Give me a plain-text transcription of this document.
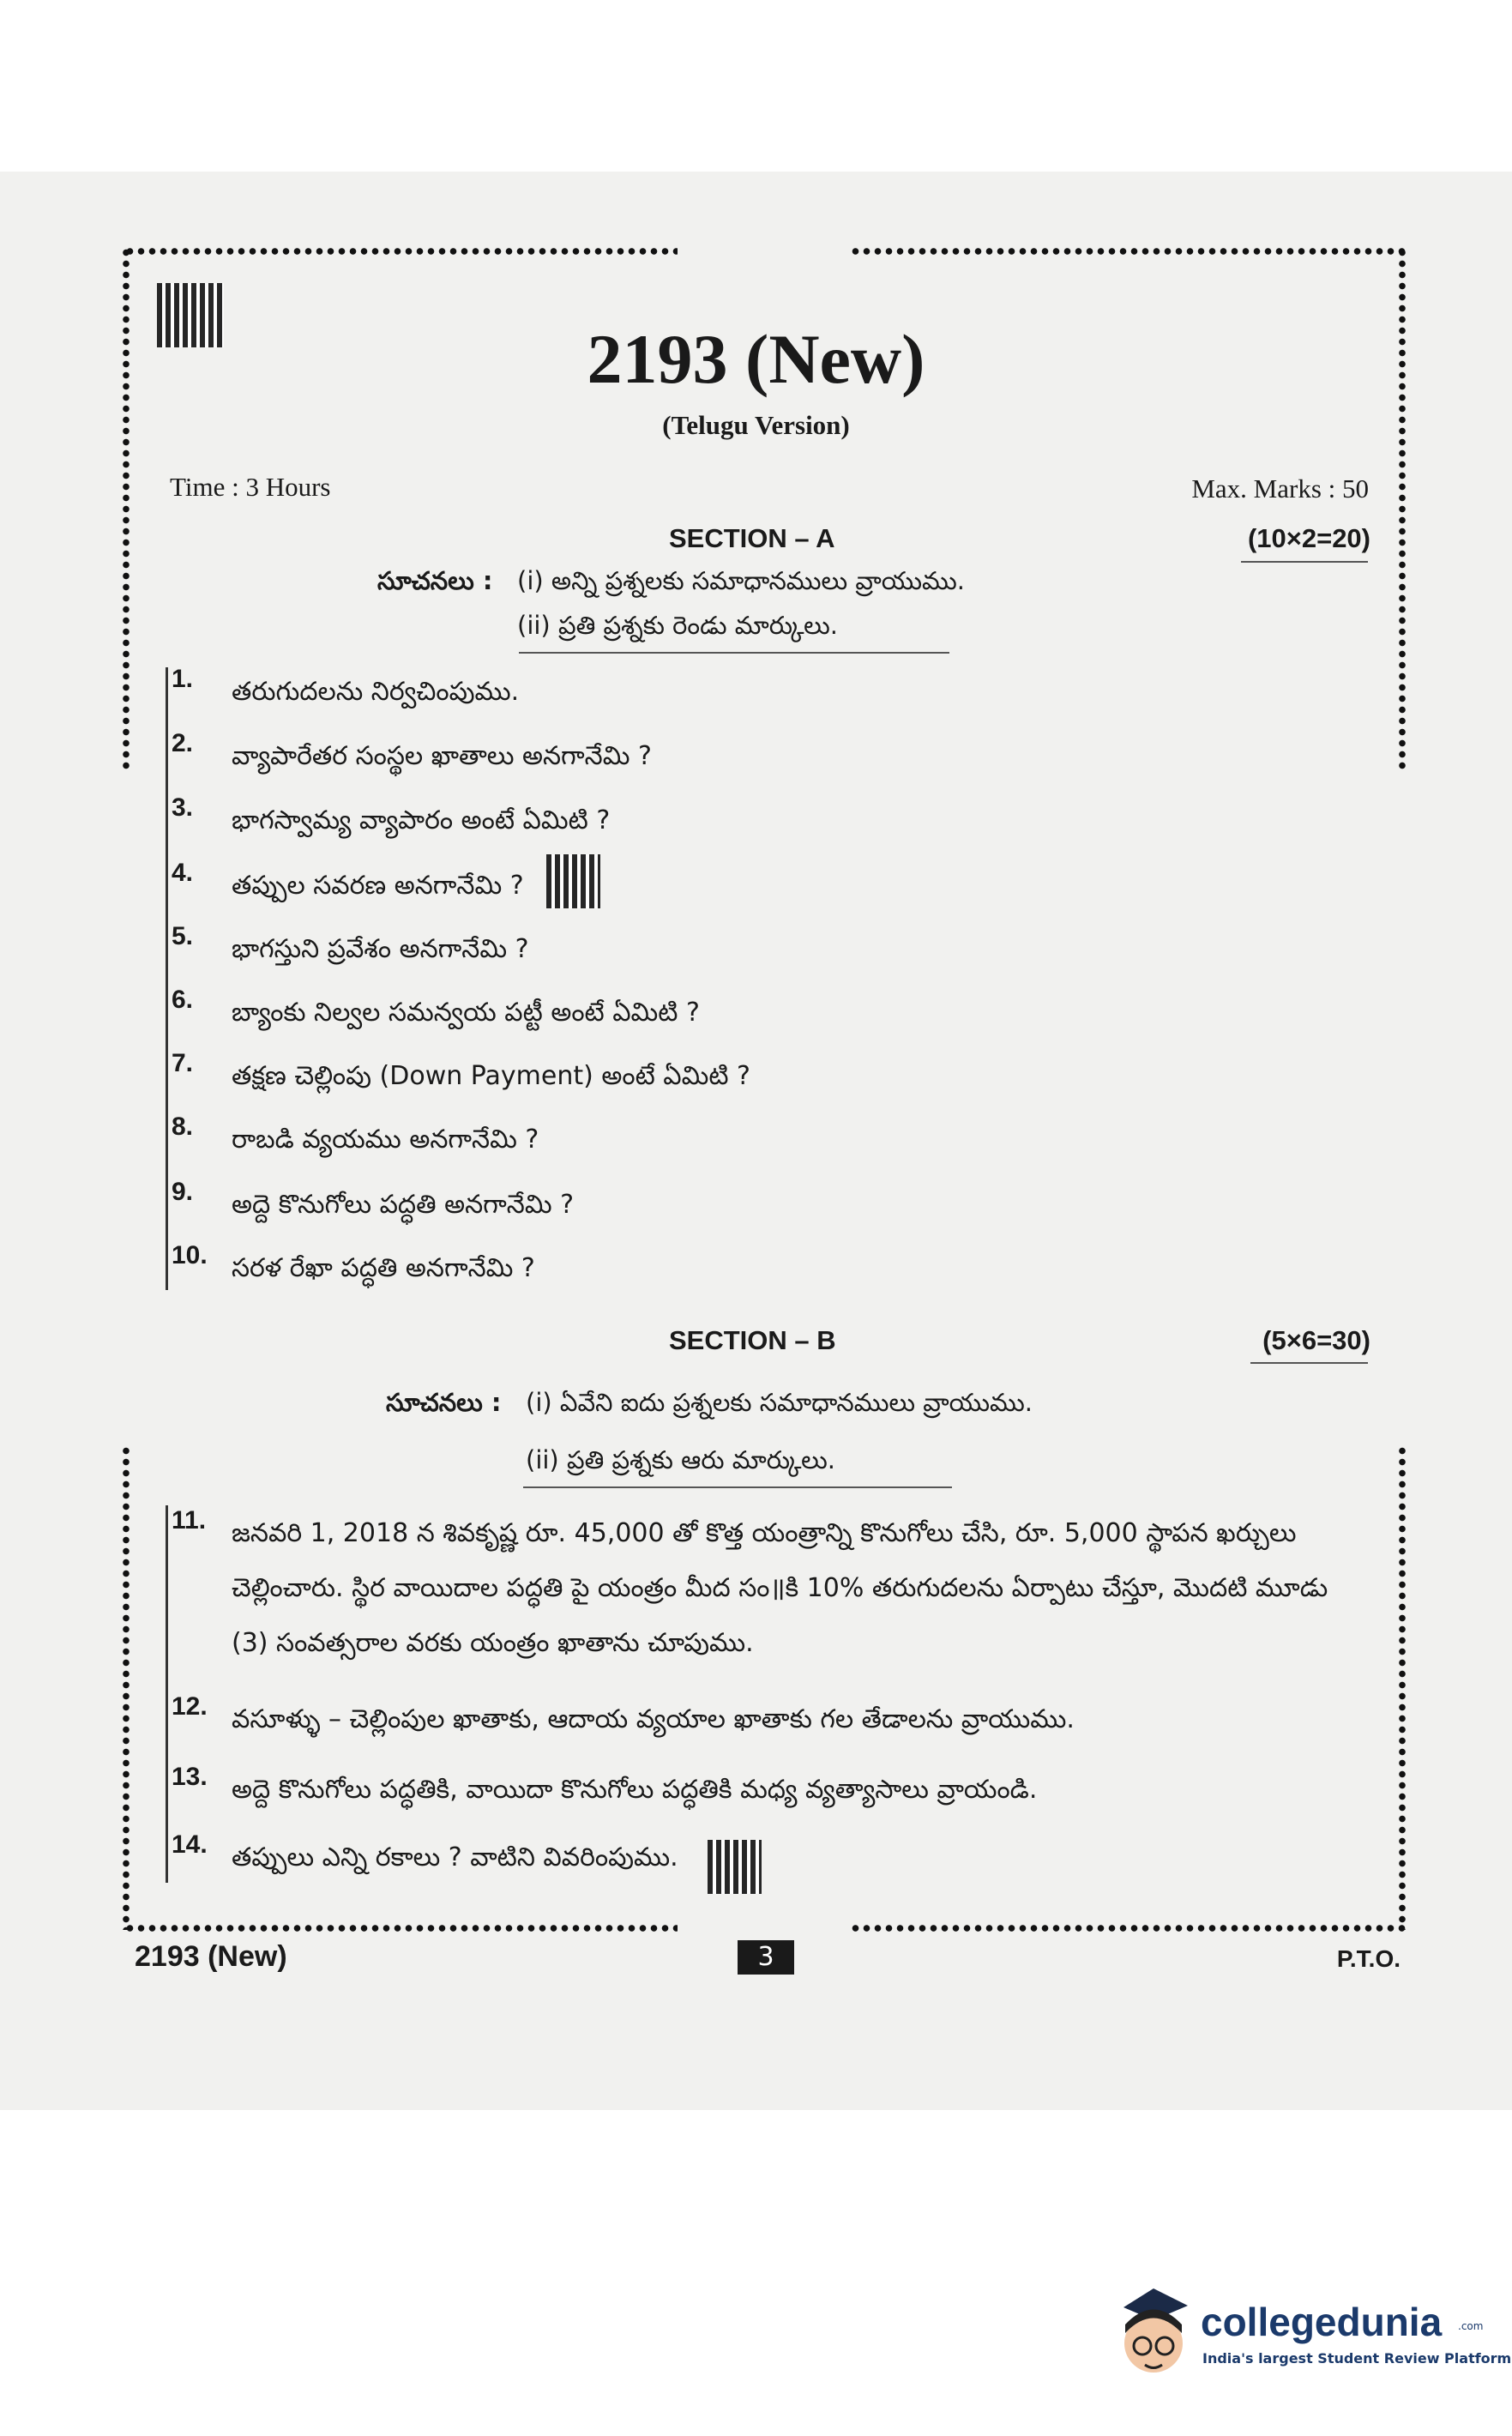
2193 (New)
(Telugu Version)
Time : 3 Hours	Max. Marks : 50
SECTION – A	(10×2=20)
సూచనలు : (i) అన్ని ప్రశ్నలకు సమాధానములు వ్రాయుము.
(ii) ప్రతి ప్రశ్నకు రెండు మార్కులు.
1.	తరుగుదలను నిర్వచింపుము.
2.	వ్యాపారేతర సంస్థల ఖాతాలు అనగానేమి ?
3.	భాగస్వామ్య వ్యాపారం అంటే ఏమిటి ?
4.	తప్పుల సవరణ అనగానేమి ?
5.	భాగస్తుని ప్రవేశం అనగానేమి ?
6.	బ్యాంకు నిల్వల సమన్వయ పట్టీ అంటే ఏమిటి ?
7.	తక్షణ చెల్లింపు (Down Payment) అంటే ఏమిటి ?
8.	రాబడి వ్యయము అనగానేమి ?
9.	అద్దె కొనుగోలు పద్ధతి అనగానేమి ?
10. సరళ రేఖా పద్ధతి అనగానేమి ?
SECTION – B	(5×6=30)
సూచనలు : (i) ఏవేని ఐదు ప్రశ్నలకు సమాధానములు వ్రాయుము.
(ii) ప్రతి ప్రశ్నకు ఆరు మార్కులు.
11. జనవరి 1, 2018 న శివకృష్ణ రూ. 45,000 తో కొత్త యంత్రాన్ని కొనుగోలు చేసి, రూ. 5,000 స్థాపన ఖర్చులు చెల్లించారు. స్థిర వాయిదాల పద్ధతి పై యంత్రం మీద సం॥కి 10% తరుగుదలను ఏర్పాటు చేస్తూ, మొదటి మూడు (3) సంవత్సరాల వరకు యంత్రం ఖాతాను చూపుము.
12. వసూళ్ళు – చెల్లింపుల ఖాతాకు, ఆదాయ వ్యయాల ఖాతాకు గల తేడాలను వ్రాయుము.
13. అద్దె కొనుగోలు పద్ధతికి, వాయిదా కొనుగోలు పద్ధతికి మధ్య వ్యత్యాసాలు వ్రాయండి.
14. తప్పులు ఎన్ని రకాలు ? వాటిని వివరింపుము.
2193 (New)	3	P.T.O.
collegedunia .com
India's largest Student Review Platform
